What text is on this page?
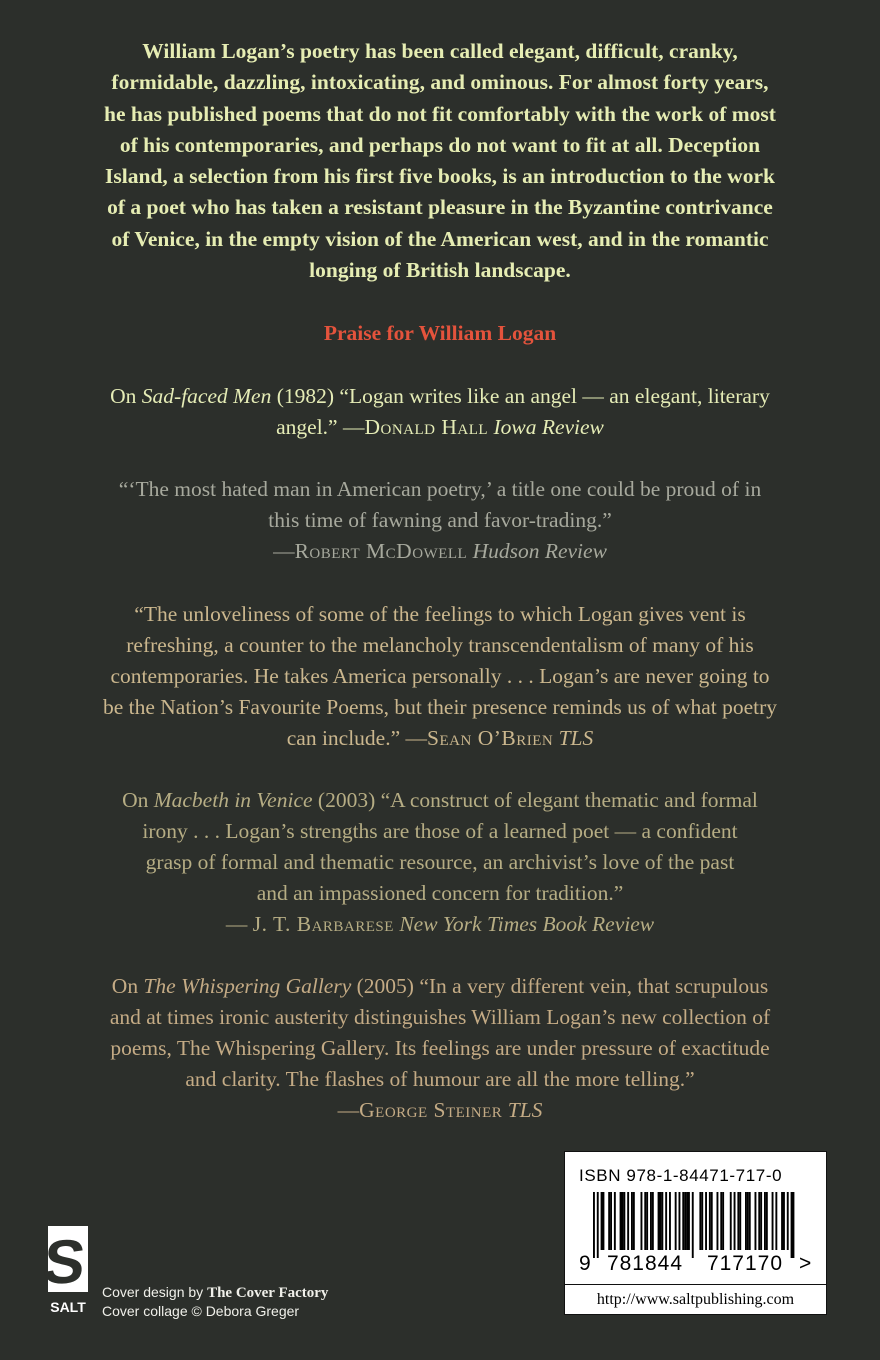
William Logan’s poetry has been called elegant, difficult, cranky,
formidable, dazzling, intoxicating, and ominous. For almost forty years,
he has published poems that do not fit comfortably with the work of most
of his contemporaries, and perhaps do not want to fit at all. Deception
Island, a selection from his first five books, is an introduction to the work
of a poet who has taken a resistant pleasure in the Byzantine contrivance
of Venice, in the empty vision of the American west, and in the romantic
longing of British landscape.

Praise for William Logan

On Sad-faced Men (1982) “Logan writes like an angel — an elegant, literary
angel.” —Donald Hall Iowa Review

“‘The most hated man in American poetry,’ a title one could be proud of in
this time of fawning and favor-trading.”
—Robert McDowell Hudson Review

“The unloveliness of some of the feelings to which Logan gives vent is
refreshing, a counter to the melancholy transcendentalism of many of his
contemporaries. He takes America personally . . . Logan’s are never going to
be the Nation’s Favourite Poems, but their presence reminds us of what poetry
can include.” —Sean O’Brien TLS

On Macbeth in Venice (2003) “A construct of elegant thematic and formal
irony . . . Logan’s strengths are those of a learned poet — a confident
grasp of formal and thematic resource, an archivist’s love of the past
and an impassioned concern for tradition.”
— J. T. Barbarese New York Times Book Review

On The Whispering Gallery (2005) “In a very different vein, that scrupulous
and at times ironic austerity distinguishes William Logan’s new collection of
poems, The Whispering Gallery. Its feelings are under pressure of exactitude
and clarity. The flashes of humour are all the more telling.”
—George Steiner TLS

S
SALT
Cover design by The Cover Factory
Cover collage © Debora Greger
ISBN 978-1-84471-717-0
9 781844 717170 >
http://www.saltpublishing.com
